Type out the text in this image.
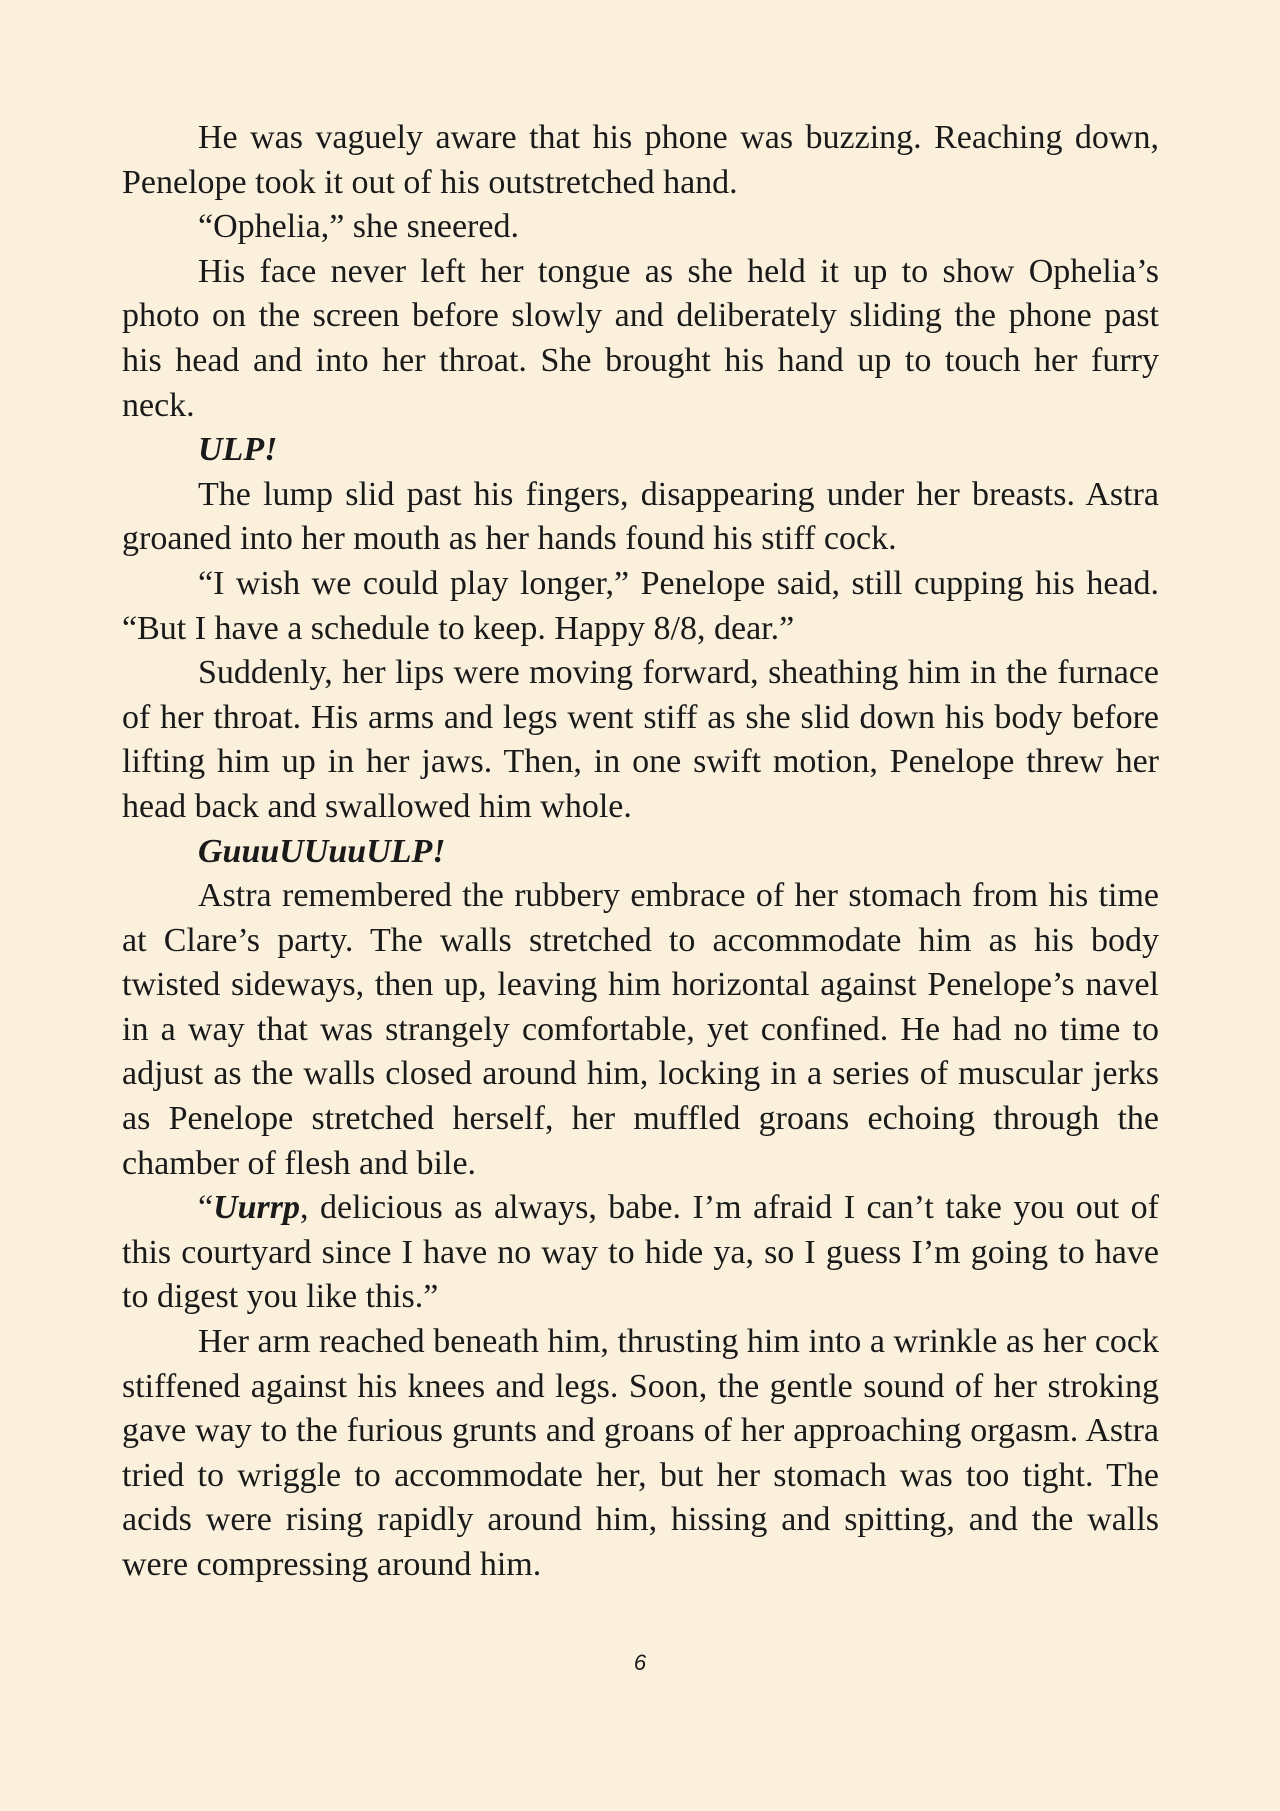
He was vaguely aware that his phone was buzzing. Reaching down, Penelope took it out of his outstretched hand.

“Ophelia,” she sneered.

His face never left her tongue as she held it up to show Ophelia’s photo on the screen before slowly and deliberately sliding the phone past his head and into her throat. She brought his hand up to touch her furry neck.

ULP!

The lump slid past his fingers, disappearing under her breasts. Astra groaned into her mouth as her hands found his stiff cock.

“I wish we could play longer,” Penelope said, still cupping his head. “But I have a schedule to keep. Happy 8/8, dear.”

Suddenly, her lips were moving forward, sheathing him in the furnace of her throat. His arms and legs went stiff as she slid down his body before lifting him up in her jaws. Then, in one swift motion, Penelope threw her head back and swallowed him whole.

GuuuUUuuULP!

Astra remembered the rubbery embrace of her stomach from his time at Clare’s party. The walls stretched to accommodate him as his body twisted sideways, then up, leaving him horizontal against Penelope’s navel in a way that was strangely comfortable, yet confined. He had no time to adjust as the walls closed around him, locking in a series of muscular jerks as Penelope stretched herself, her muffled groans echoing through the chamber of flesh and bile.

“Uurrp, delicious as always, babe. I’m afraid I can’t take you out of this courtyard since I have no way to hide ya, so I guess I’m going to have to digest you like this.”

Her arm reached beneath him, thrusting him into a wrinkle as her cock stiffened against his knees and legs. Soon, the gentle sound of her stroking gave way to the furious grunts and groans of her approaching orgasm. Astra tried to wriggle to accommodate her, but her stomach was too tight. The acids were rising rapidly around him, hissing and spitting, and the walls were compressing around him.

6
